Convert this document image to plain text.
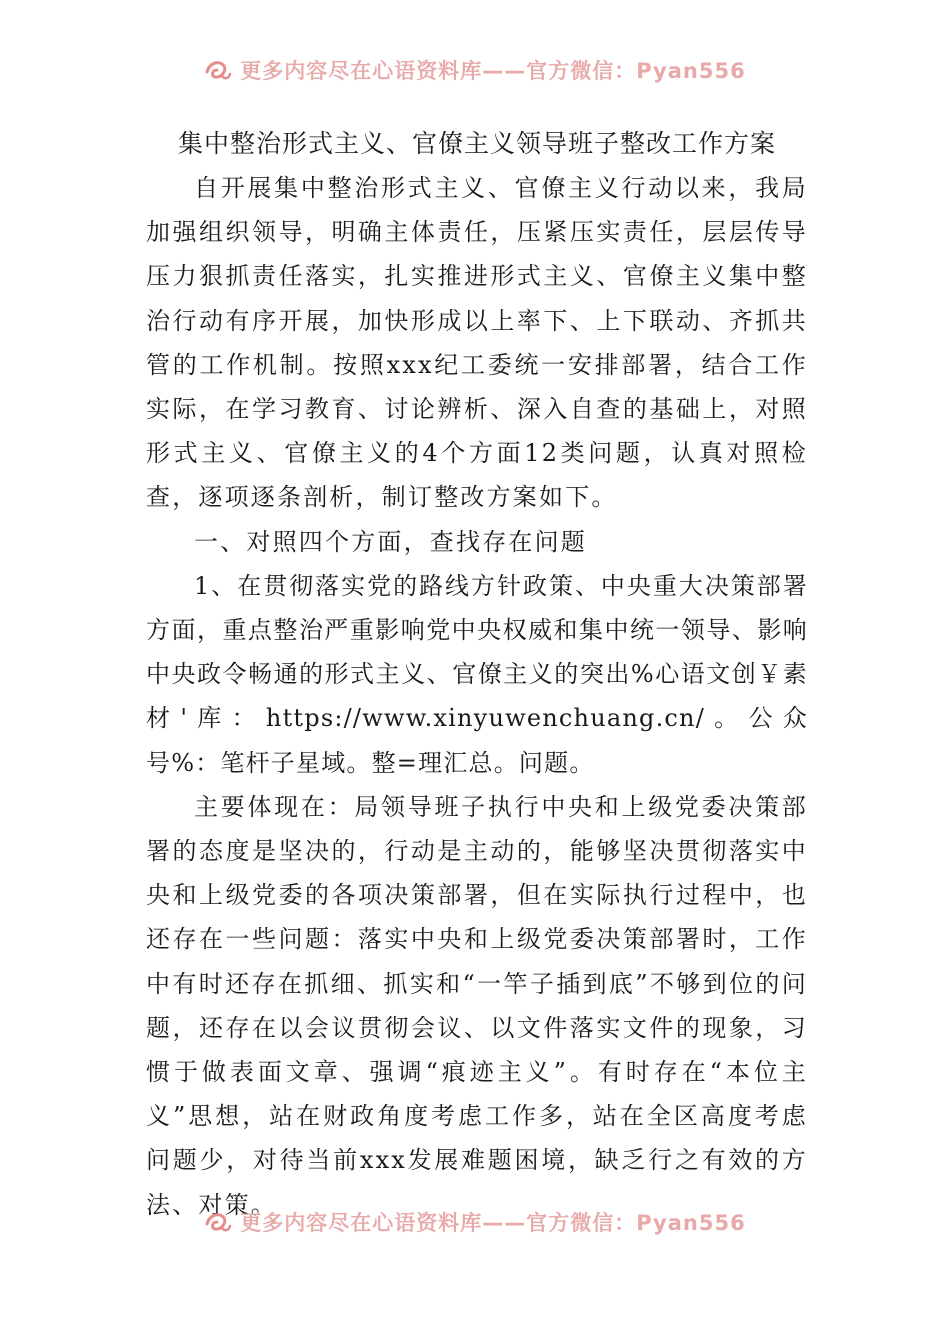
更多内容尽在心语资料库——官方微信：Pyan556
集中整治形式主义、官僚主义领导班子整改工作方案

自开展集中整治形式主义、官僚主义行动以来，我局加强组织领导，明确主体责任，压紧压实责任，层层传导压力狠抓责任落实，扎实推进形式主义、官僚主义集中整治行动有序开展，加快形成以上率下、上下联动、齐抓共管的工作机制。按照xxx纪工委统一安排部署，结合工作实际，在学习教育、讨论辨析、深入自查的基础上，对照形式主义、官僚主义的4个方面12类问题，认真对照检查，逐项逐条剖析，制订整改方案如下。

一、对照四个方面，查找存在问题

1、在贯彻落实党的路线方针政策、中央重大决策部署方面，重点整治严重影响党中央权威和集中统一领导、影响中央政令畅通的形式主义、官僚主义的突出%心语文创￥素材'库：https://www.xinyuwenchuang.cn/。公众号%：笔杆子星域。整=理汇总。问题。

主要体现在：局领导班子执行中央和上级党委决策部署的态度是坚决的，行动是主动的，能够坚决贯彻落实中央和上级党委的各项决策部署，但在实际执行过程中，也还存在一些问题：落实中央和上级党委决策部署时，工作中有时还存在抓细、抓实和“一竿子插到底”不够到位的问题，还存在以会议贯彻会议、以文件落实文件的现象，习惯于做表面文章、强调“痕迹主义”。有时存在“本位主义”思想，站在财政角度考虑工作多，站在全区高度考虑问题少，对待当前xxx发展难题困境，缺乏行之有效的方法、对策。

更多内容尽在心语资料库——官方微信：Pyan556
